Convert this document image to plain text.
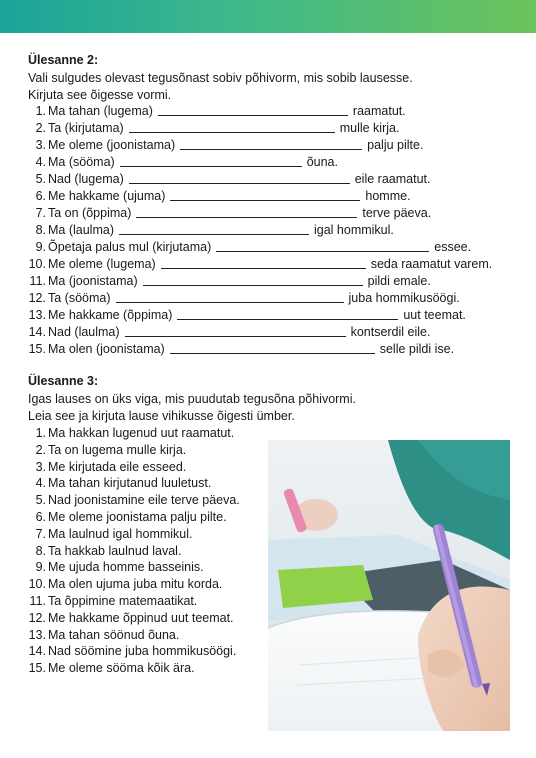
Ülesanne 2:
Vali sulgudes olevast tegusõnast sobiv põhivorm, mis sobib lausesse.
Kirjuta see õigesse vormi.
1. Ma tahan (lugema)	raamatut.
2. Ta (kirjutama)	mulle kirja.
3. Me oleme (joonistama)	palju pilte.
4. Ma (sööma)	õuna.
5. Nad (lugema)	eile raamatut.
6. Me hakkame (ujuma)	homme.
7. Ta on (õppima)	terve päeva.
8. Ma (laulma)	igal hommikul.
9. Õpetaja palus mul (kirjutama)	essee.
10. Me oleme (lugema)	seda raamatut varem.
11. Ma (joonistama)	pildi emale.
12. Ta (sööma)	juba hommikusöögi.
13. Me hakkame (õppima)	uut teemat.
14. Nad (laulma)	kontserdil eile.
15. Ma olen (joonistama)	selle pildi ise.
Ülesanne 3:
Igas lauses on üks viga, mis puudutab tegusõna põhivormi.
Leia see ja kirjuta lause vihikusse õigesti ümber.
1. Ma hakkan lugenud uut raamatut.
2. Ta on lugema mulle kirja.
3. Me kirjutada eile esseed.
4. Ma tahan kirjutanud luuletust.
5. Nad joonistamine eile terve päeva.
6. Me oleme joonistama palju pilte.
7. Ma laulnud igal hommikul.
8. Ta hakkab laulnud laval.
9. Me ujuda homme basseinis.
10. Ma olen ujuma juba mitu korda.
11. Ta õppimine matemaatikat.
12. Me hakkame õppinud uut teemat.
13. Ma tahan söönud õuna.
14. Nad söömine juba hommikusöögi.
15. Me oleme sööma kõik ära.
